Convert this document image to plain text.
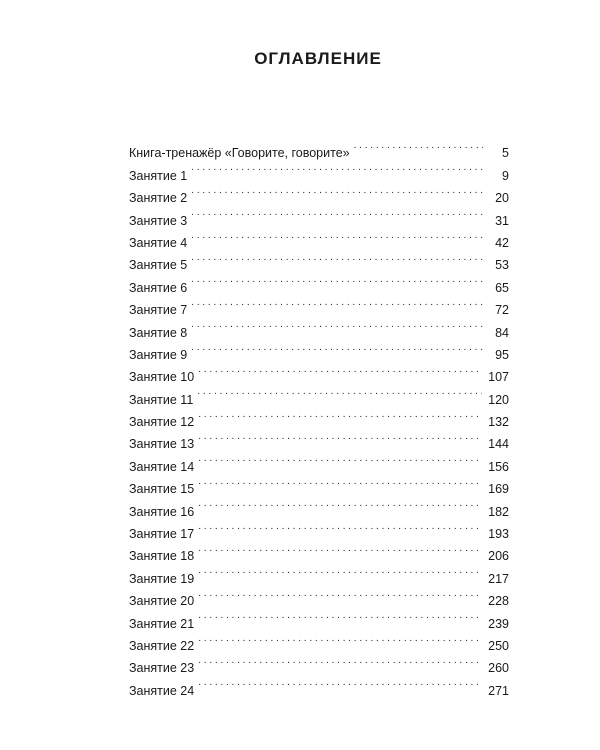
ОГЛАВЛЕНИЕ
Книга-тренажёр «Говорите, говорите» . . .	5
Занятие 1 . . .	9
Занятие 2 . . .	20
Занятие 3 . . .	31
Занятие 4 . . .	42
Занятие 5 . . .	53
Занятие 6 . . .	65
Занятие 7 . . .	72
Занятие 8 . . .	84
Занятие 9 . . .	95
Занятие 10 . . .	107
Занятие 11 . . .	120
Занятие 12 . . .	132
Занятие 13 . . .	144
Занятие 14 . . .	156
Занятие 15 . . .	169
Занятие 16 . . .	182
Занятие 17 . . .	193
Занятие 18 . . .	206
Занятие 19 . . .	217
Занятие 20 . . .	228
Занятие 21 . . .	239
Занятие 22 . . .	250
Занятие 23 . . .	260
Занятие 24 . . .	271
